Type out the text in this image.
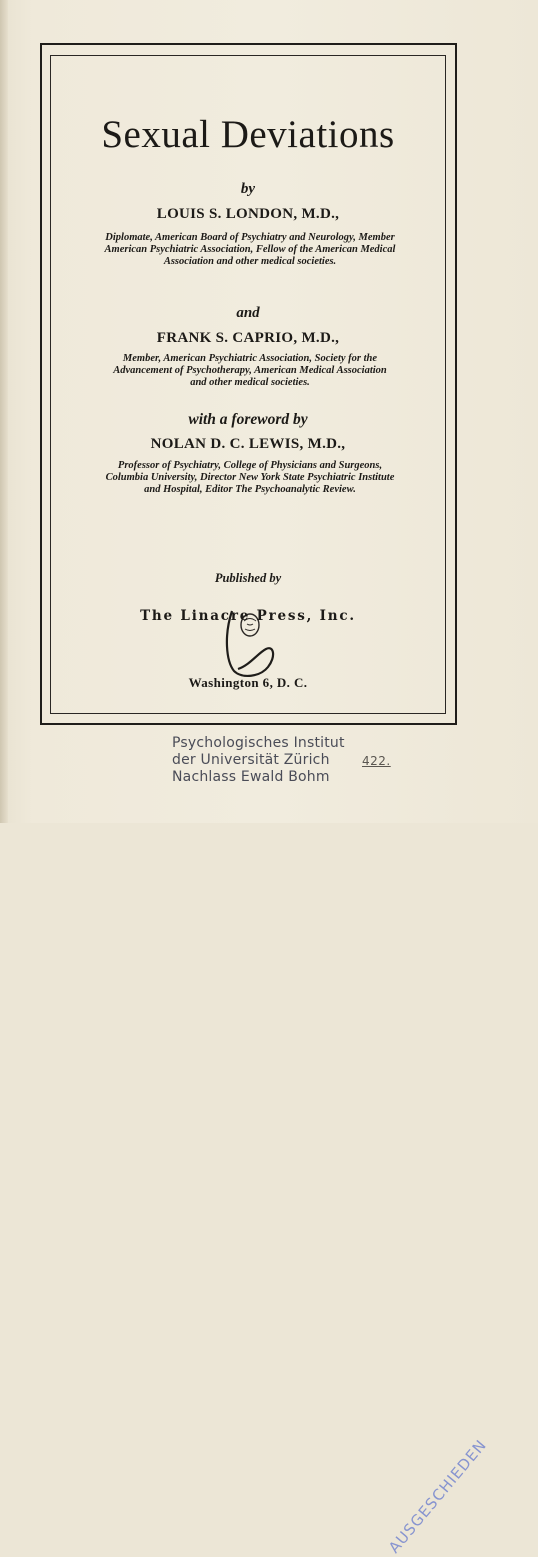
Sexual Deviations
by
LOUIS S. LONDON, M.D.,
Diplomate, American Board of Psychiatry and Neurology, Member American Psychiatric Association, Fellow of the American Medical Association and other medical societies.
and
FRANK S. CAPRIO, M.D.,
Member, American Psychiatric Association, Society for the Advancement of Psychotherapy, American Medical Association and other medical societies.
with a foreword by
NOLAN D. C. LEWIS, M.D.,
Professor of Psychiatry, College of Physicians and Surgeons, Columbia University, Director New York State Psychiatric Institute and Hospital, Editor The Psychoanalytic Review.
Published by
The Linacre Press, Inc.
Washington 6, D. C.
Psychologisches Institut
der Universität Zürich
Nachlass Ewald Bohm
422.
AUSGESCHIEDEN
